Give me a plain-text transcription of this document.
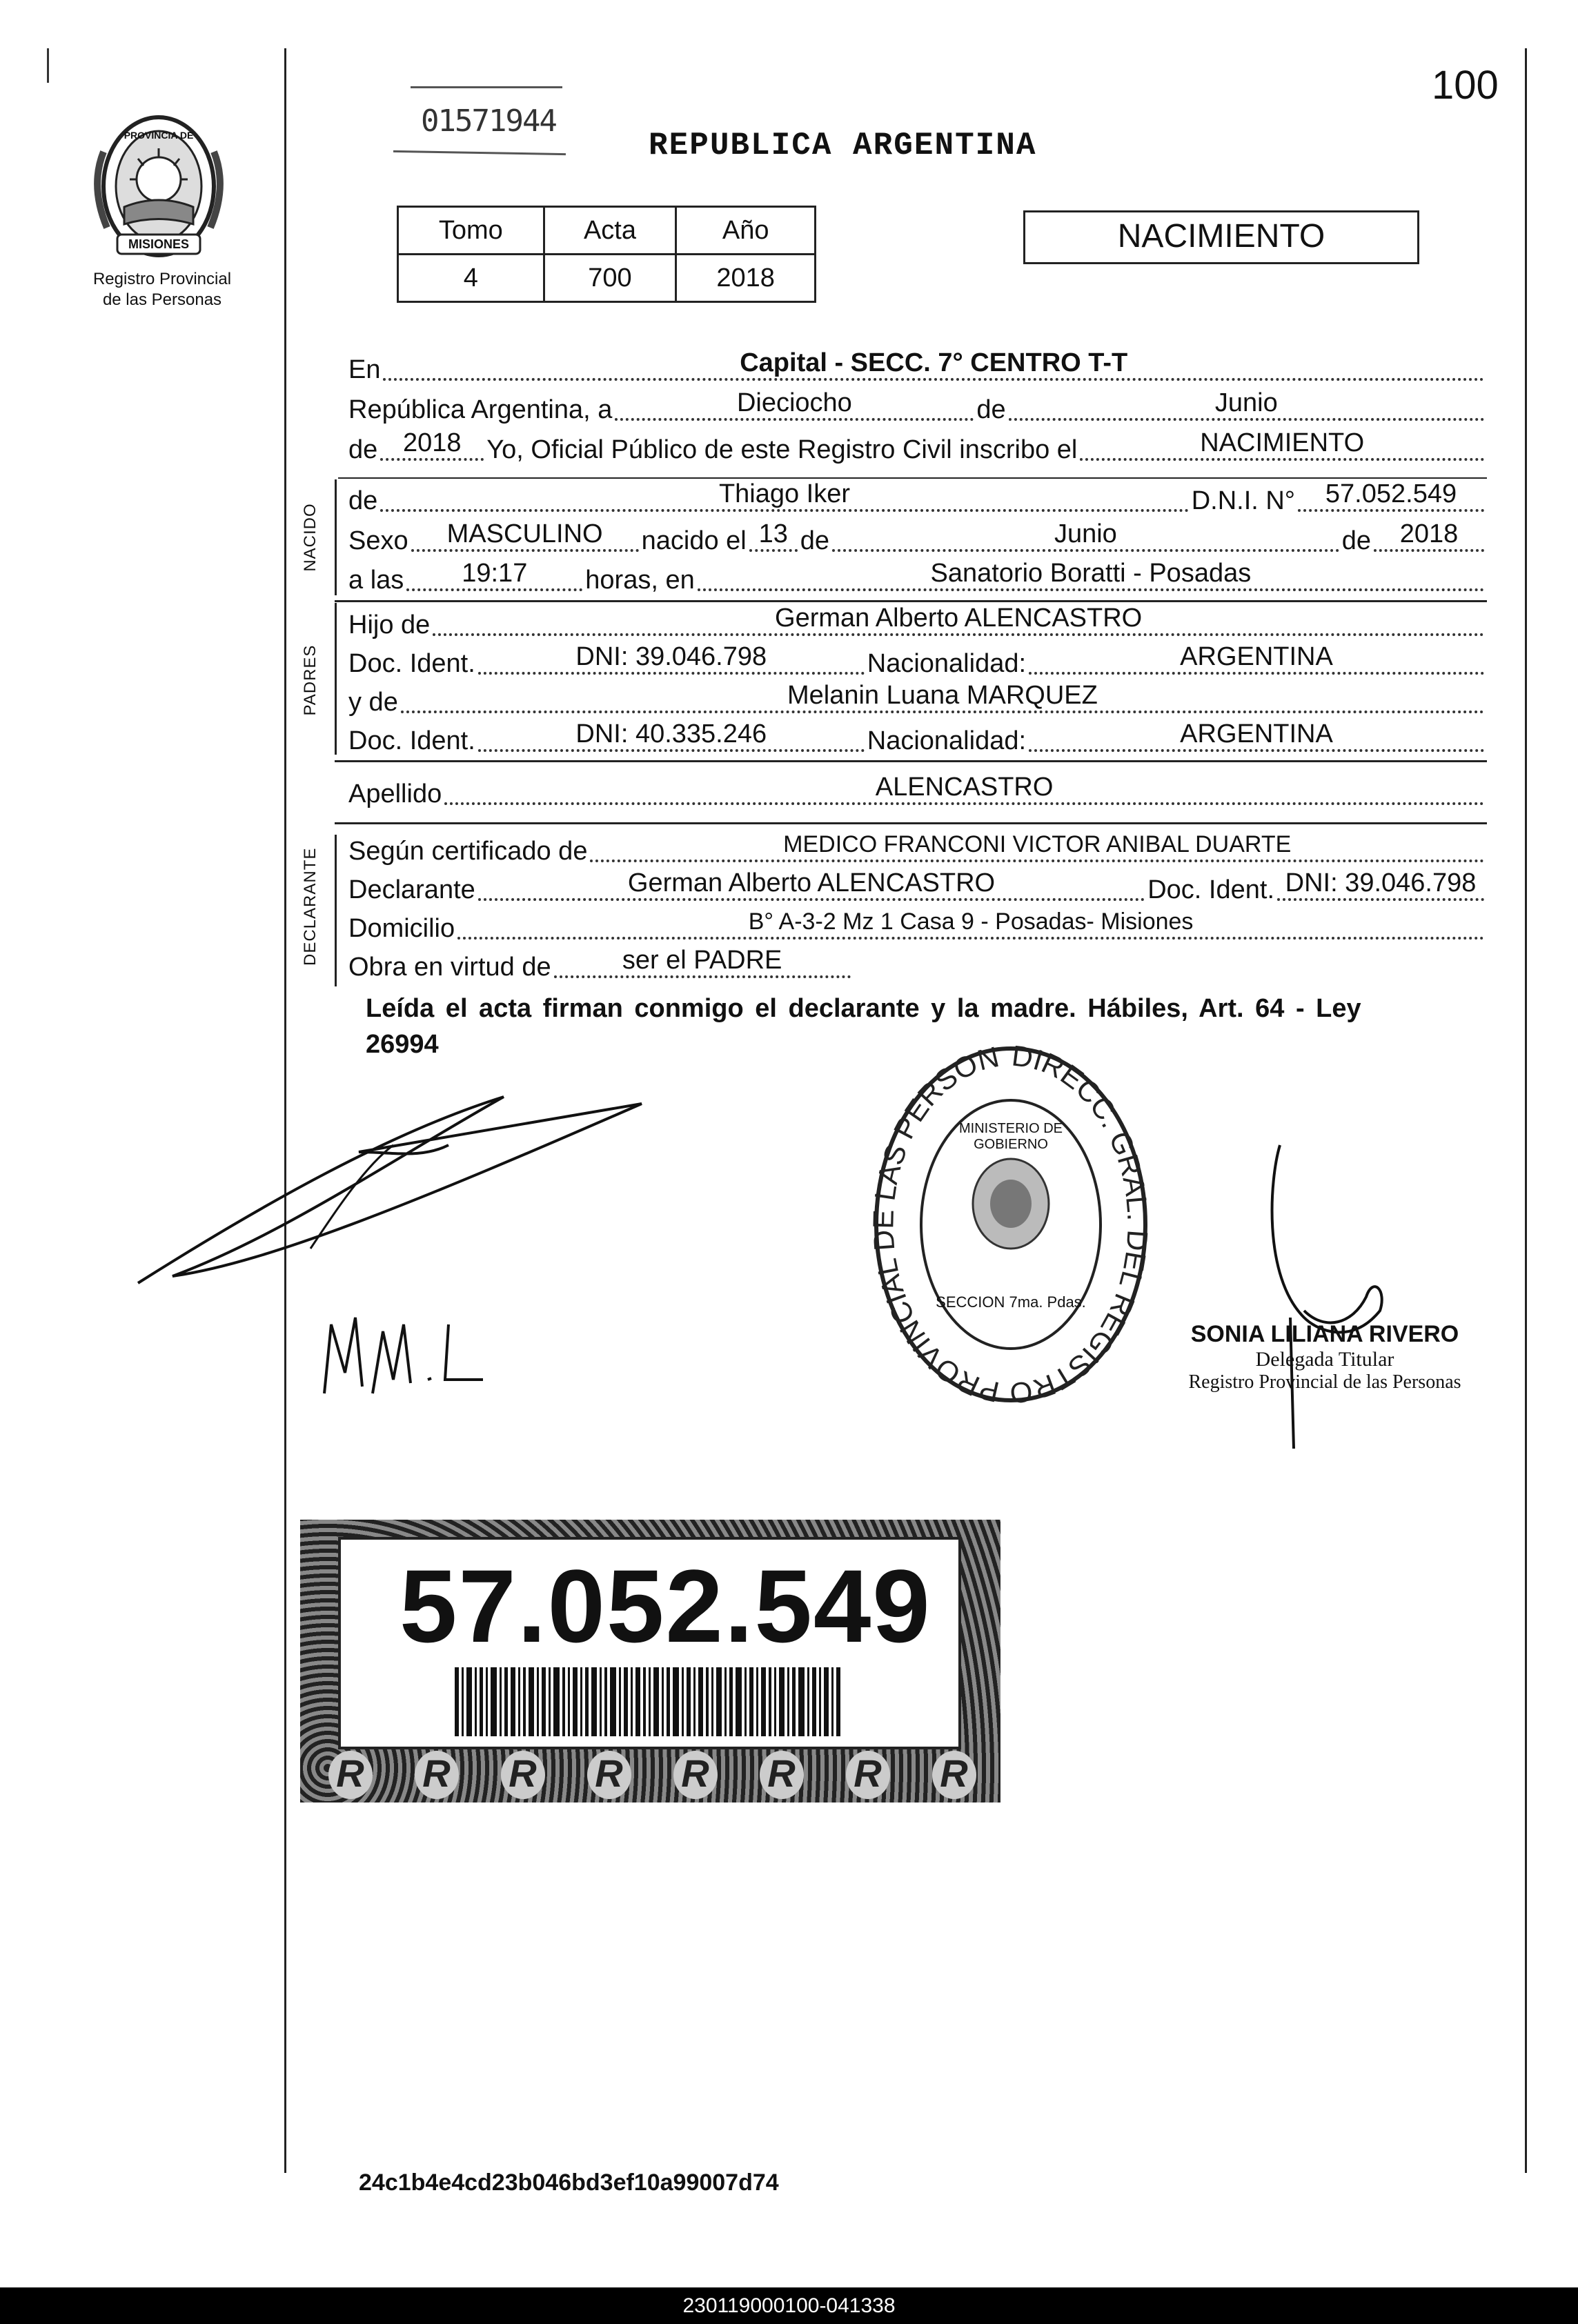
100
PROVINCIA DE
MISIONES
Registro Provincial
de las Personas
01571944
REPUBLICA ARGENTINA
Tomo	Acta	Año
4	700	2018
NACIMIENTO
En	Capital - SECC. 7° CENTRO T-T
República Argentina, a	Dieciocho	de	Junio
de 2018 Yo, Oficial Público de este Registro Civil inscribo el	NACIMIENTO
NACIDO
de	Thiago Iker	D.N.I. N°	57.052.549
Sexo	MASCULINO	nacido el 13 de	Junio	de	2018
a las	19:17	horas, en	Sanatorio Boratti - Posadas
PADRES
Hijo de	German Alberto ALENCASTRO
Doc. Ident.	DNI: 39.046.798	Nacionalidad:	ARGENTINA
y de	Melanin Luana MARQUEZ
Doc. Ident.	DNI: 40.335.246	Nacionalidad:	ARGENTINA
Apellido	ALENCASTRO
DECLARANTE Según certificado de	MEDICO FRANCONI VICTOR ANIBAL DUARTE
Declarante	German Alberto ALENCASTRO	Doc. Ident. DNI: 39.046.798
Domicilio	B° A-3-2 Mz 1 Casa 9 - Posadas- Misiones
Obra en virtud de	ser el PADRE
Leída el acta firman conmigo el declarante y la madre. Hábiles, Art. 64 - Ley
26994	DIRECC. GRAL. DEL REGISTRO PROVINCIAL DE LAS PERSON
MINISTERIO DE GOBIERNO
SECCION 7ma. Pdas.
SONIA LILIANA RIVERO
Delegada Titular
Registro Provincial de las Personas
R R R R R R R R
57.052.549
24c1b4e4cd23b046bd3ef10a99007d74
230119000100-041338
